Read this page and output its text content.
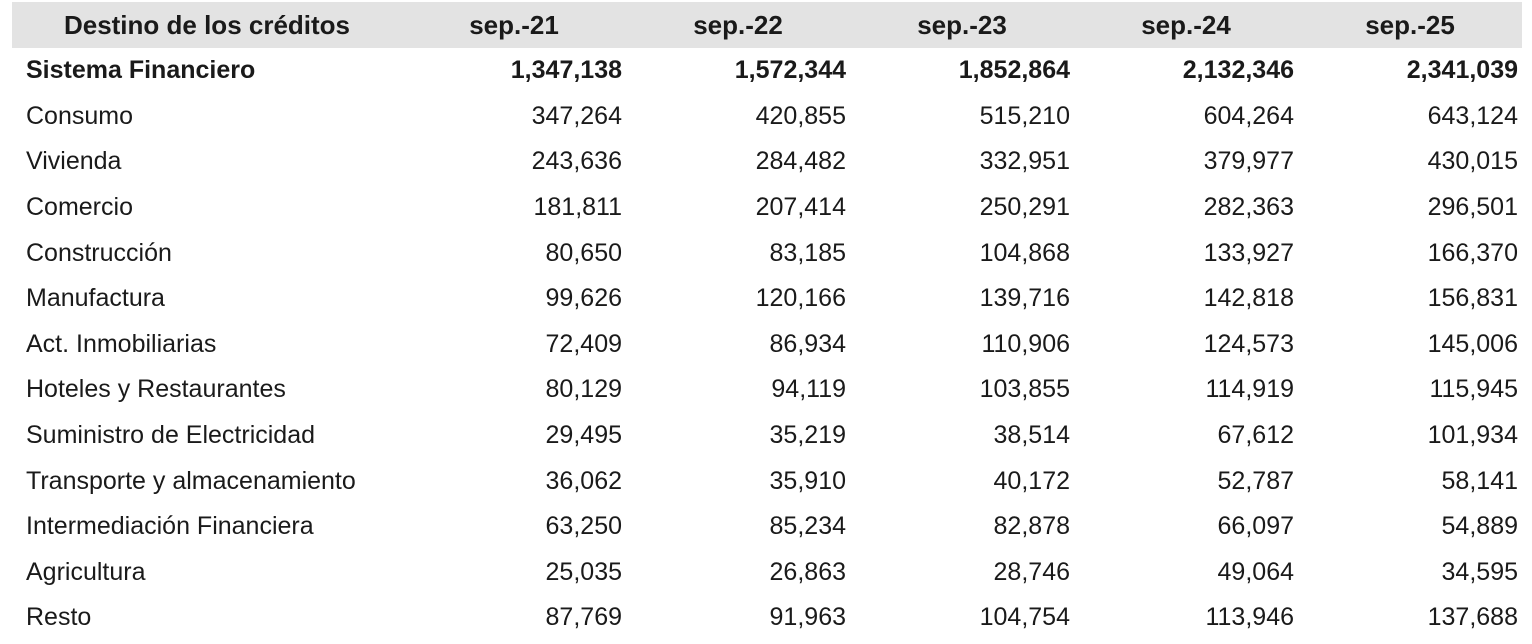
Destino de los créditos	sep.-21	sep.-22	sep.-23	sep.-24	sep.-25
Sistema Financiero	1,347,138	1,572,344	1,852,864	2,132,346	2,341,039
Consumo	347,264	420,855	515,210	604,264	643,124
Vivienda	243,636	284,482	332,951	379,977	430,015
Comercio	181,811	207,414	250,291	282,363	296,501
Construcción	80,650	83,185	104,868	133,927	166,370
Manufactura	99,626	120,166	139,716	142,818	156,831
Act. Inmobiliarias	72,409	86,934	110,906	124,573	145,006
Hoteles y Restaurantes	80,129	94,119	103,855	114,919	115,945
Suministro de Electricidad	29,495	35,219	38,514	67,612	101,934
Transporte y almacenamiento	36,062	35,910	40,172	52,787	58,141
Intermediación Financiera	63,250	85,234	82,878	66,097	54,889
Agricultura	25,035	26,863	28,746	49,064	34,595
Resto	87,769	91,963	104,754	113,946	137,688
